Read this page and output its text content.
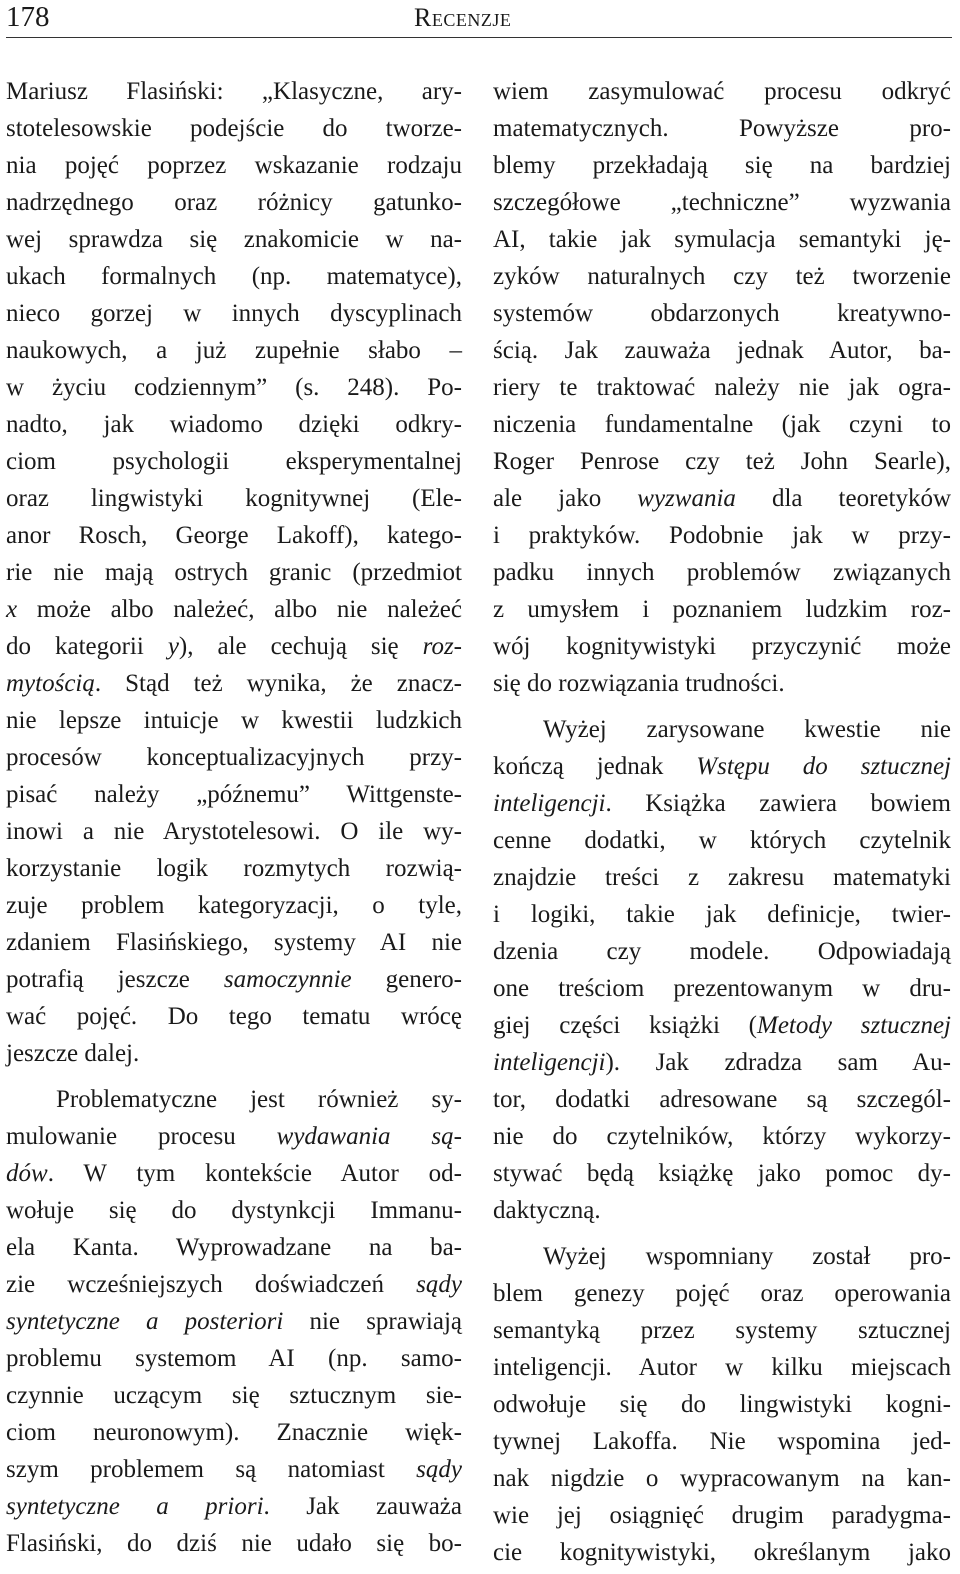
178	Recenzje
Mariusz Flasiński: „Klasyczne, ary-
stotelesowskie podejście do tworze-
nia pojęć poprzez wskazanie rodzaju
nadrzędnego oraz różnicy gatunko-
wej sprawdza się znakomicie w na-
ukach formalnych (np. matematyce),
nieco gorzej w innych dyscyplinach
naukowych, a już zupełnie słabo –
w życiu codziennym” (s. 248). Po-
nadto, jak wiadomo dzięki odkry-
ciom psychologii eksperymentalnej
oraz lingwistyki kognitywnej (Ele-
anor Rosch, George Lakoff), katego-
rie nie mają ostrych granic (przedmiot
x może albo należeć, albo nie należeć
do kategorii y), ale cechują się roz-
mytością. Stąd też wynika, że znacz-
nie lepsze intuicje w kwestii ludzkich
procesów konceptualizacyjnych przy-
pisać należy „późnemu” Wittgenste-
inowi a nie Arystotelesowi. O ile wy-
korzystanie logik rozmytych rozwią-
zuje problem kategoryzacji, o tyle,
zdaniem Flasińskiego, systemy AI nie
potrafią jeszcze samoczynnie genero-
wać pojęć. Do tego tematu wrócę
jeszcze dalej.
Problematyczne jest również sy-
mulowanie procesu wydawania są-
dów. W tym kontekście Autor od-
wołuje się do dystynkcji Immanu-
ela Kanta. Wyprowadzane na ba-
zie wcześniejszych doświadczeń sądy
syntetyczne a posteriori nie sprawiają
problemu systemom AI (np. samo-
czynnie uczącym się sztucznym sie-
ciom neuronowym). Znacznie więk-
szym problemem są natomiast sądy
syntetyczne a priori. Jak zauważa
Flasiński, do dziś nie udało się bo-
wiem zasymulować procesu odkryć
matematycznych. Powyższe pro-
blemy przekładają się na bardziej
szczegółowe „techniczne” wyzwania
AI, takie jak symulacja semantyki ję-
zyków naturalnych czy też tworzenie
systemów obdarzonych kreatywno-
ścią. Jak zauważa jednak Autor, ba-
riery te traktować należy nie jak ogra-
niczenia fundamentalne (jak czyni to
Roger Penrose czy też John Searle),
ale jako wyzwania dla teoretyków
i praktyków. Podobnie jak w przy-
padku innych problemów związanych
z umysłem i poznaniem ludzkim roz-
wój kognitywistyki przyczynić może
się do rozwiązania trudności.
Wyżej zarysowane kwestie nie
kończą jednak Wstępu do sztucznej
inteligencji. Książka zawiera bowiem
cenne dodatki, w których czytelnik
znajdzie treści z zakresu matematyki
i logiki, takie jak definicje, twier-
dzenia czy modele. Odpowiadają
one treściom prezentowanym w dru-
giej części książki (Metody sztucznej
inteligencji). Jak zdradza sam Au-
tor, dodatki adresowane są szczegól-
nie do czytelników, którzy wykorzy-
stywać będą książkę jako pomoc dy-
daktyczną.
Wyżej wspomniany został pro-
blem genezy pojęć oraz operowania
semantyką przez systemy sztucznej
inteligencji. Autor w kilku miejscach
odwołuje się do lingwistyki kogni-
tywnej Lakoffa. Nie wspomina jed-
nak nigdzie o wypracowanym na kan-
wie jej osiągnięć drugim paradygma-
cie kognitywistyki, określanym jako
